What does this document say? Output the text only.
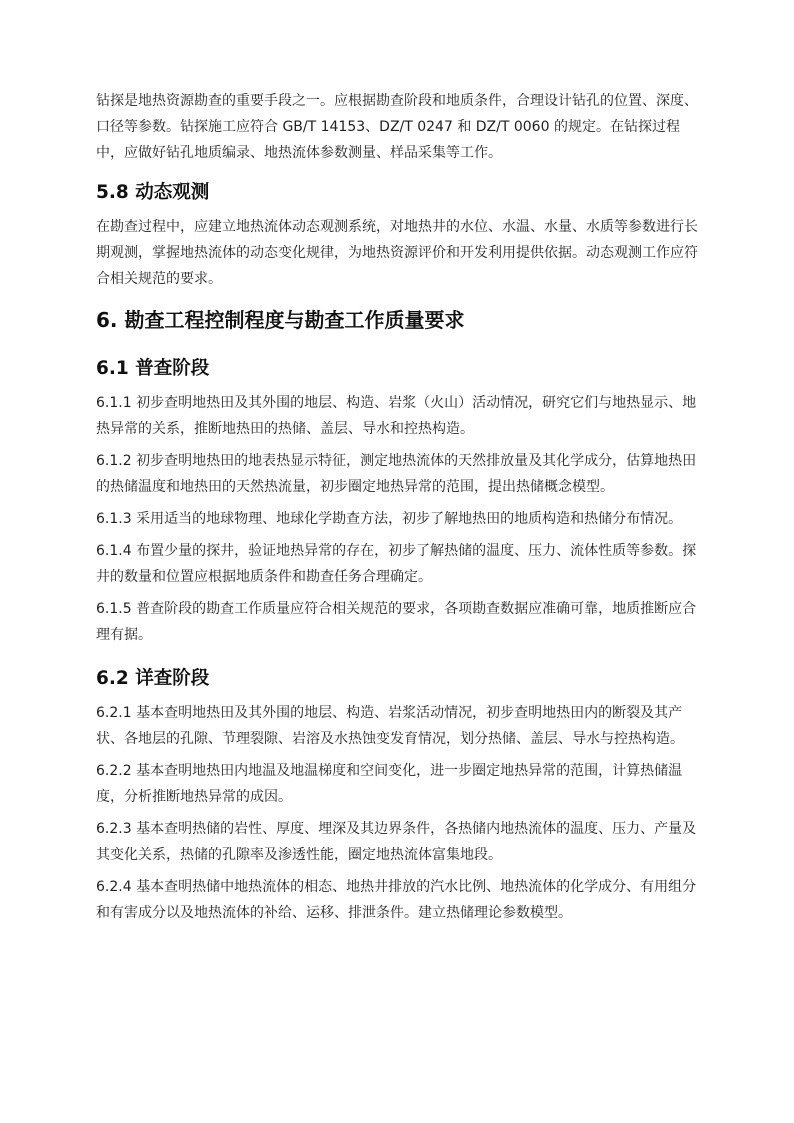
钻探是地热资源勘查的重要手段之一。应根据勘查阶段和地质条件，合理设计钻孔的位置、深度、口径等参数。钻探施工应符合 GB/T 14153、DZ/T 0247 和 DZ/T 0060 的规定。在钻探过程中，应做好钻孔地质编录、地热流体参数测量、样品采集等工作。

5.8 动态观测

在勘查过程中，应建立地热流体动态观测系统，对地热井的水位、水温、水量、水质等参数进行长期观测，掌握地热流体的动态变化规律，为地热资源评价和开发利用提供依据。动态观测工作应符合相关规范的要求。

6. 勘查工程控制程度与勘查工作质量要求
6.1 普查阶段

6.1.1 初步查明地热田及其外围的地层、构造、岩浆（火山）活动情况，研究它们与地热显示、地热异常的关系，推断地热田的热储、盖层、导水和控热构造。

6.1.2 初步查明地热田的地表热显示特征，测定地热流体的天然排放量及其化学成分，估算地热田的热储温度和地热田的天然热流量，初步圈定地热异常的范围，提出热储概念模型。

6.1.3 采用适当的地球物理、地球化学勘查方法，初步了解地热田的地质构造和热储分布情况。

6.1.4 布置少量的探井，验证地热异常的存在，初步了解热储的温度、压力、流体性质等参数。探井的数量和位置应根据地质条件和勘查任务合理确定。

6.1.5 普查阶段的勘查工作质量应符合相关规范的要求，各项勘查数据应准确可靠，地质推断应合理有据。

6.2 详查阶段

6.2.1 基本查明地热田及其外围的地层、构造、岩浆活动情况，初步查明地热田内的断裂及其产状、各地层的孔隙、节理裂隙、岩溶及水热蚀变发育情况，划分热储、盖层、导水与控热构造。

6.2.2 基本查明地热田内地温及地温梯度和空间变化，进一步圈定地热异常的范围，计算热储温度，分析推断地热异常的成因。

6.2.3 基本查明热储的岩性、厚度、埋深及其边界条件，各热储内地热流体的温度、压力、产量及其变化关系，热储的孔隙率及渗透性能，圈定地热流体富集地段。

6.2.4 基本查明热储中地热流体的相态、地热井排放的汽水比例、地热流体的化学成分、有用组分和有害成分以及地热流体的补给、运移、排泄条件。建立热储理论参数模型。
